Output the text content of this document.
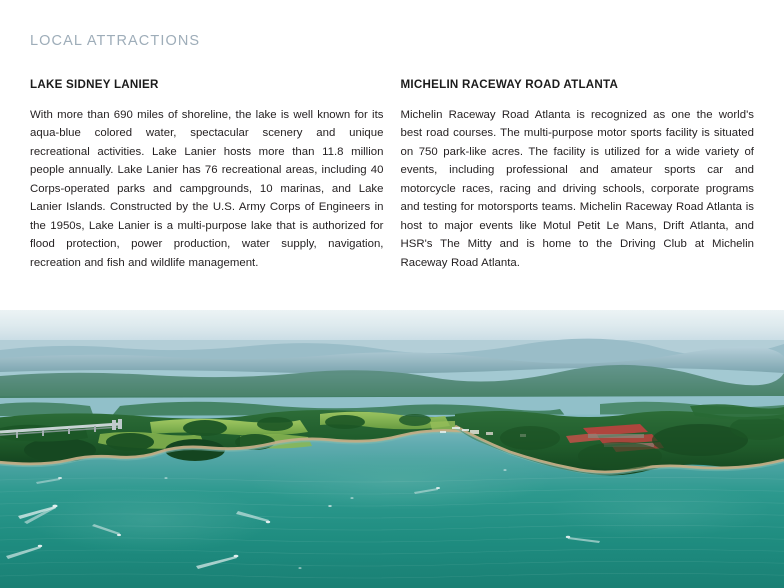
LOCAL ATTRACTIONS
LAKE SIDNEY LANIER

With more than 690 miles of shoreline, the lake is well known for its aqua-blue colored water, spectacular scenery and unique recreational activities. Lake Lanier hosts more than 11.8 million people annually. Lake Lanier has 76 recreational areas, including 40 Corps-operated parks and campgrounds, 10 marinas, and Lake Lanier Islands. Constructed by the U.S. Army Corps of Engineers in the 1950s, Lake Lanier is a multi-purpose lake that is authorized for flood protection, power production, water supply, navigation, recreation and fish and wildlife management.

MICHELIN RACEWAY ROAD ATLANTA

Michelin Raceway Road Atlanta is recognized as one the world's best road courses. The multi-purpose motor sports facility is situated on 750 park-like acres. The facility is utilized for a wide variety of events, including professional and amateur sports car and motorcycle races, racing and driving schools, corporate programs and testing for motorsports teams. Michelin Raceway Road Atlanta is host to major events like Motul Petit Le Mans, Drift Atlanta, and HSR's The Mitty and is home to the Driving Club at Michelin Raceway Road Atlanta.
